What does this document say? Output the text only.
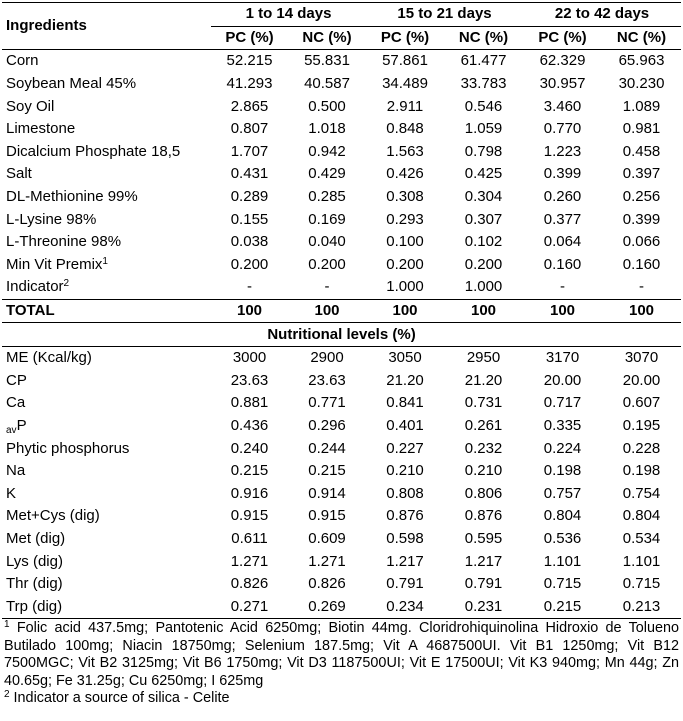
Ingredients	1 to 14 days		15 to 21 days		22 to 42 days	
	PC (%)	NC (%)	PC (%)	NC (%)	PC (%)	NC (%)
Corn	52.215	55.831	57.861	61.477	62.329	65.963
Soybean Meal 45%	41.293	40.587	34.489	33.783	30.957	30.230
Soy Oil	2.865	0.500	2.911	0.546	3.460	1.089
Limestone	0.807	1.018	0.848	1.059	0.770	0.981
Dicalcium Phosphate 18,5	1.707	0.942	1.563	0.798	1.223	0.458
Salt	0.431	0.429	0.426	0.425	0.399	0.397
DL-Methionine 99%	0.289	0.285	0.308	0.304	0.260	0.256
L-Lysine 98%	0.155	0.169	0.293	0.307	0.377	0.399
L-Threonine 98%	0.038	0.040	0.100	0.102	0.064	0.066
Min Vit Premix$^1$	0.200	0.200	0.200	0.200	0.160	0.160
Indicator$^2$	-	-	1.000	1.000	-	-
TOTAL	100	100	100	100	100	100
Nutritional levels (%)						
ME (Kcal/kg)	3000	2900	3050	2950	3170	3070
CP	23.63	23.63	21.20	21.20	20.00	20.00
Ca	0.881	0.771	0.841	0.731	0.717	0.607
$_{av}$P	0.436	0.296	0.401	0.261	0.335	0.195
Phytic phosphorus	0.240	0.244	0.227	0.232	0.224	0.228
Na	0.215	0.215	0.210	0.210	0.198	0.198
K	0.916	0.914	0.808	0.806	0.757	0.754
Met+Cys (dig)	0.915	0.915	0.876	0.876	0.804	0.804
Met (dig)	0.611	0.609	0.598	0.595	0.536	0.534
Lys (dig)	1.271	1.271	1.217	1.217	1.101	1.101
Thr (dig)	0.826	0.826	0.791	0.791	0.715	0.715
Trp (dig)	0.271	0.269	0.234	0.231	0.215	0.213
$^1$ Folic acid 437.5mg; Pantotenic Acid 6250mg; Biotin 44mg. Cloridrohiquinolina Hidroxio de Tolueno Butilado 100mg; Niacin 18750mg; Selenium 187.5mg; Vit A 4687500UI. Vit B1 1250mg; Vit B12 7500MGC; Vit B2 3125mg; Vit B6 1750mg; Vit D3 1187500UI; Vit E 17500UI; Vit K3 940mg; Mn 44g; Zn 40.65g; Fe 31.25g; Cu 6250mg; I 625mg
$^2$ Indicator a source of silica - Celite
